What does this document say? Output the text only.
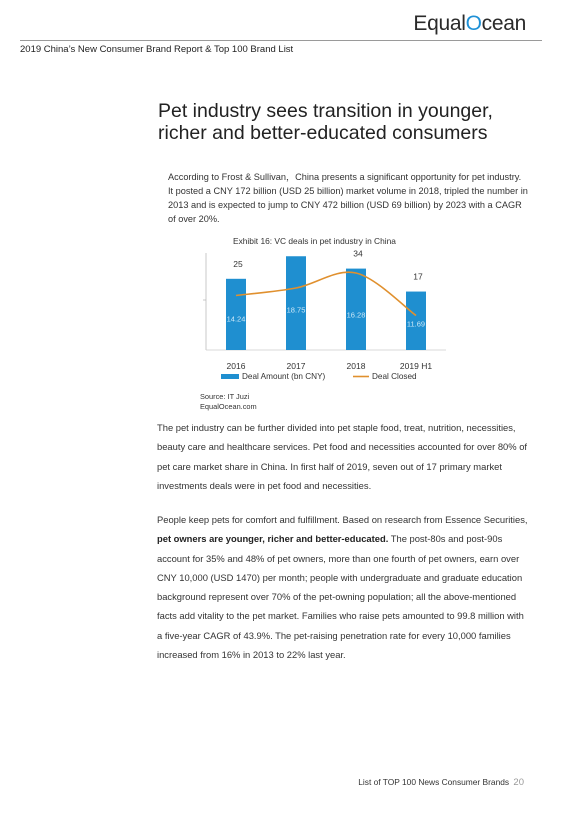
EqualOcean
2019 China’s New Consumer Brand Report & Top 100 Brand List
Pet industry sees transition in younger,
richer and better-educated consumers
According to Frost & Sullivan，China presents a significant opportunity for pet industry. It posted a CNY 172 billion (USD 25 billion) market volume in 2018, tripled the number in 2013 and is expected to jump to CNY 472 billion (USD 69 billion) by 2023 with a CAGR of over 20%.
Exhibit 16: VC deals in pet industry in China
14.24
2016
25
18.75
2017
16.28
2018
34
11.69
2019 H1
17
Deal Amount (bn CNY)	Deal Closed
Source: IT Juzi
EqualOcean.com
The pet industry can be further divided into pet staple food, treat, nutrition, necessities, beauty care and healthcare services. Pet food and necessities accounted for over 80% of pet care market share in China. In first half of 2019, seven out of 17 primary market investments deals were in pet food and necessities.
People keep pets for comfort and fulfillment. Based on research from Essence Securities, pet owners are younger, richer and better-educated. The post-80s and post-90s account for 35% and 48% of pet owners, more than one fourth of pet owners, earn over CNY 10,000 (USD 1470) per month; people with undergraduate and graduate education background represent over 70% of the pet-owning population; all the above-mentioned facts add vitality to the pet market. Families who raise pets amounted to 99.8 million with a five-year CAGR of 43.9%. The pet-raising penetration rate for every 10,000 families increased from 16% in 2013 to 22% last year.
List of TOP 100 News Consumer Brands 20
